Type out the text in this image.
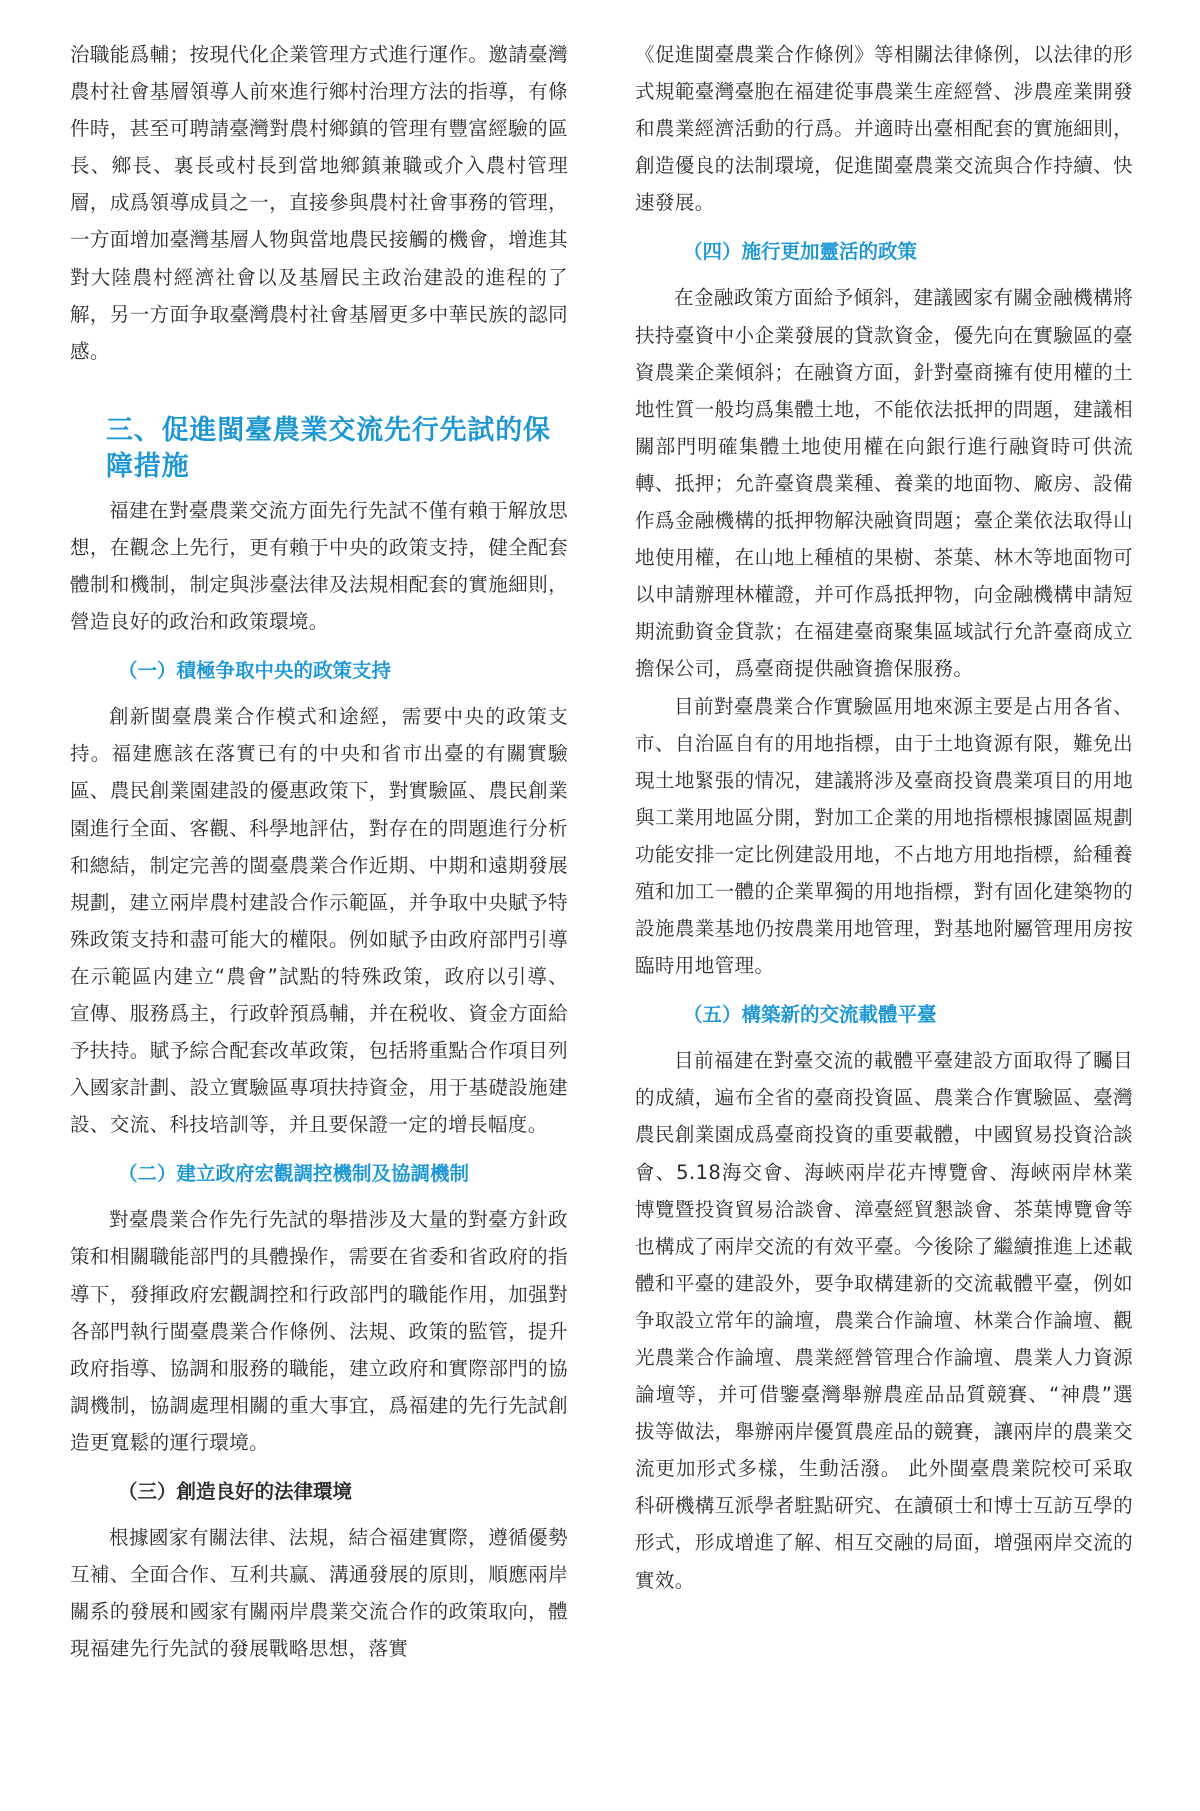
治職能爲輔；按現代化企業管理方式進行運作。邀請臺灣農村社會基層領導人前來進行鄉村治理方法的指導，有條件時，甚至可聘請臺灣對農村鄉鎮的管理有豐富經驗的區長、鄉長、裏長或村長到當地鄉鎮兼職或介入農村管理層，成爲領導成員之一，直接參與農村社會事務的管理，一方面增加臺灣基層人物與當地農民接觸的機會，增進其對大陸農村經濟社會以及基層民主政治建設的進程的了解，另一方面争取臺灣農村社會基層更多中華民族的認同感。

三、促進閩臺農業交流先行先試的保障措施

福建在對臺農業交流方面先行先試不僅有賴于解放思想，在觀念上先行，更有賴于中央的政策支持，健全配套體制和機制，制定與涉臺法律及法規相配套的實施細則，營造良好的政治和政策環境。

（一）積極争取中央的政策支持

創新閩臺農業合作模式和途經，需要中央的政策支持。福建應該在落實已有的中央和省市出臺的有關實驗區、農民創業園建設的優惠政策下，對實驗區、農民創業園進行全面、客觀、科學地評估，對存在的問題進行分析和總結，制定完善的閩臺農業合作近期、中期和遠期發展規劃，建立兩岸農村建設合作示範區，并争取中央賦予特殊政策支持和盡可能大的權限。例如賦予由政府部門引導在示範區内建立“農會”試點的特殊政策，政府以引導、宣傳、服務爲主，行政幹預爲輔，并在税收、資金方面給予扶持。賦予綜合配套改革政策，包括將重點合作項目列入國家計劃、設立實驗區專項扶持資金，用于基礎設施建設、交流、科技培訓等，并且要保證一定的增長幅度。

（二）建立政府宏觀調控機制及協調機制

對臺農業合作先行先試的舉措涉及大量的對臺方針政策和相關職能部門的具體操作，需要在省委和省政府的指導下，發揮政府宏觀調控和行政部門的職能作用，加强對各部門執行閩臺農業合作條例、法規、政策的監管，提升政府指導、協調和服務的職能，建立政府和實際部門的協調機制，協調處理相關的重大事宜，爲福建的先行先試創造更寬鬆的運行環境。

（三）創造良好的法律環境

根據國家有關法律、法規，結合福建實際，遵循優勢互補、全面合作、互利共赢、溝通發展的原則，順應兩岸關系的發展和國家有關兩岸農業交流合作的政策取向，體現福建先行先試的發展戰略思想，落實

《促進閩臺農業合作條例》等相關法律條例，以法律的形式規範臺灣臺胞在福建從事農業生産經營、涉農産業開發和農業經濟活動的行爲。并適時出臺相配套的實施細則，創造優良的法制環境，促進閩臺農業交流與合作持續、快速發展。

（四）施行更加靈活的政策

在金融政策方面給予傾斜，建議國家有關金融機構將扶持臺資中小企業發展的貸款資金，優先向在實驗區的臺資農業企業傾斜；在融資方面，針對臺商擁有使用權的土地性質一般均爲集體土地，不能依法抵押的問題，建議相關部門明確集體土地使用權在向銀行進行融資時可供流轉、抵押；允許臺資農業種、養業的地面物、廠房、設備作爲金融機構的抵押物解決融資問題；臺企業依法取得山地使用權，在山地上種植的果樹、茶葉、林木等地面物可以申請辦理林權證，并可作爲抵押物，向金融機構申請短期流動資金貸款；在福建臺商聚集區域試行允許臺商成立擔保公司，爲臺商提供融資擔保服務。

目前對臺農業合作實驗區用地來源主要是占用各省、市、自治區自有的用地指標，由于土地資源有限，難免出現土地緊張的情况，建議將涉及臺商投資農業項目的用地與工業用地區分開，對加工企業的用地指標根據園區規劃功能安排一定比例建設用地，不占地方用地指標，給種養殖和加工一體的企業單獨的用地指標，對有固化建築物的設施農業基地仍按農業用地管理，對基地附屬管理用房按臨時用地管理。

（五）構築新的交流載體平臺

目前福建在對臺交流的載體平臺建設方面取得了矚目的成績，遍布全省的臺商投資區、農業合作實驗區、臺灣農民創業園成爲臺商投資的重要載體，中國貿易投資洽談會、5.18海交會、海峽兩岸花卉博覽會、海峽兩岸林業博覽暨投資貿易洽談會、漳臺經貿懇談會、茶葉博覽會等也構成了兩岸交流的有效平臺。今後除了繼續推進上述載體和平臺的建設外，要争取構建新的交流載體平臺，例如争取設立常年的論壇，農業合作論壇、林業合作論壇、觀光農業合作論壇、農業經營管理合作論壇、農業人力資源論壇等，并可借鑒臺灣舉辦農産品品質競賽、“神農”選拔等做法，舉辦兩岸優質農産品的競賽，讓兩岸的農業交流更加形式多樣，生動活潑。 此外閩臺農業院校可采取科研機構互派學者駐點研究、在讀碩士和博士互訪互學的形式，形成增進了解、相互交融的局面，增强兩岸交流的實效。
